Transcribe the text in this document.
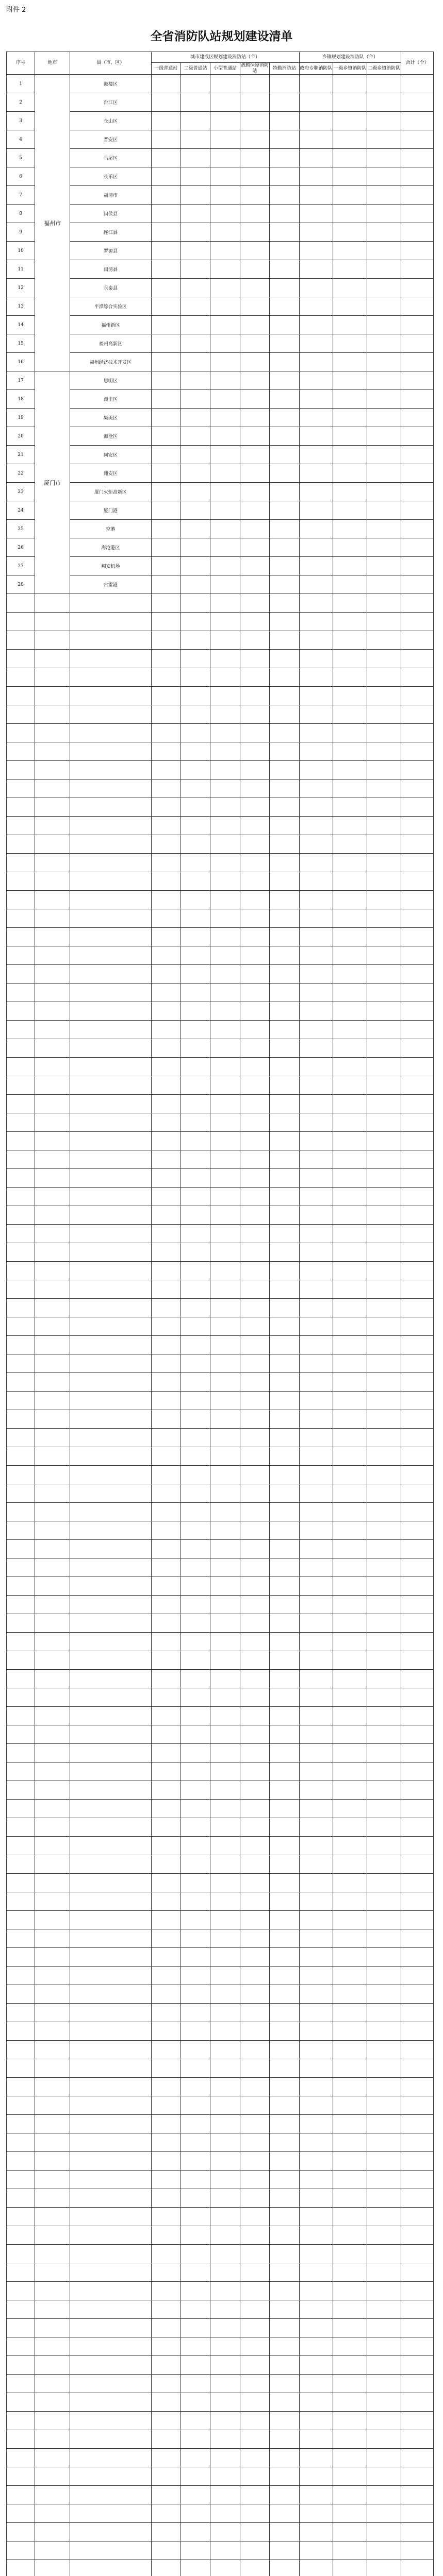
附件 2
全省消防队站规划建设清单
序号	地市	县（市、区）	城市建成区规划建设消防站（个）					乡镇规划建设消防队（个）			合计（个）
			一级普通站	二级普通站	小型普通站	战勤保障消防站	特勤消防站	政府专职消防队	一级乡镇消防队	二级乡镇消防队	
1	福州市	鼓楼区									
2		台江区									
3		仓山区									
4		晋安区									
5		马尾区									
6		长乐区									
7		福清市									
8		闽侯县									
9		连江县									
10		罗源县									
11		闽清县									
12		永泰县									
13		平潭综合实验区									
14		福州新区									
15		福州高新区									
16		福州经济技术开发区									
17	厦门市	思明区									
18		湖里区									
19		集美区									
20		海沧区									
21		同安区									
22		翔安区									
23		厦门火炬高新区									
24		厦门港									
25		空港									
26		海沧港区									
27		翔安机场									
28		古雷港									
